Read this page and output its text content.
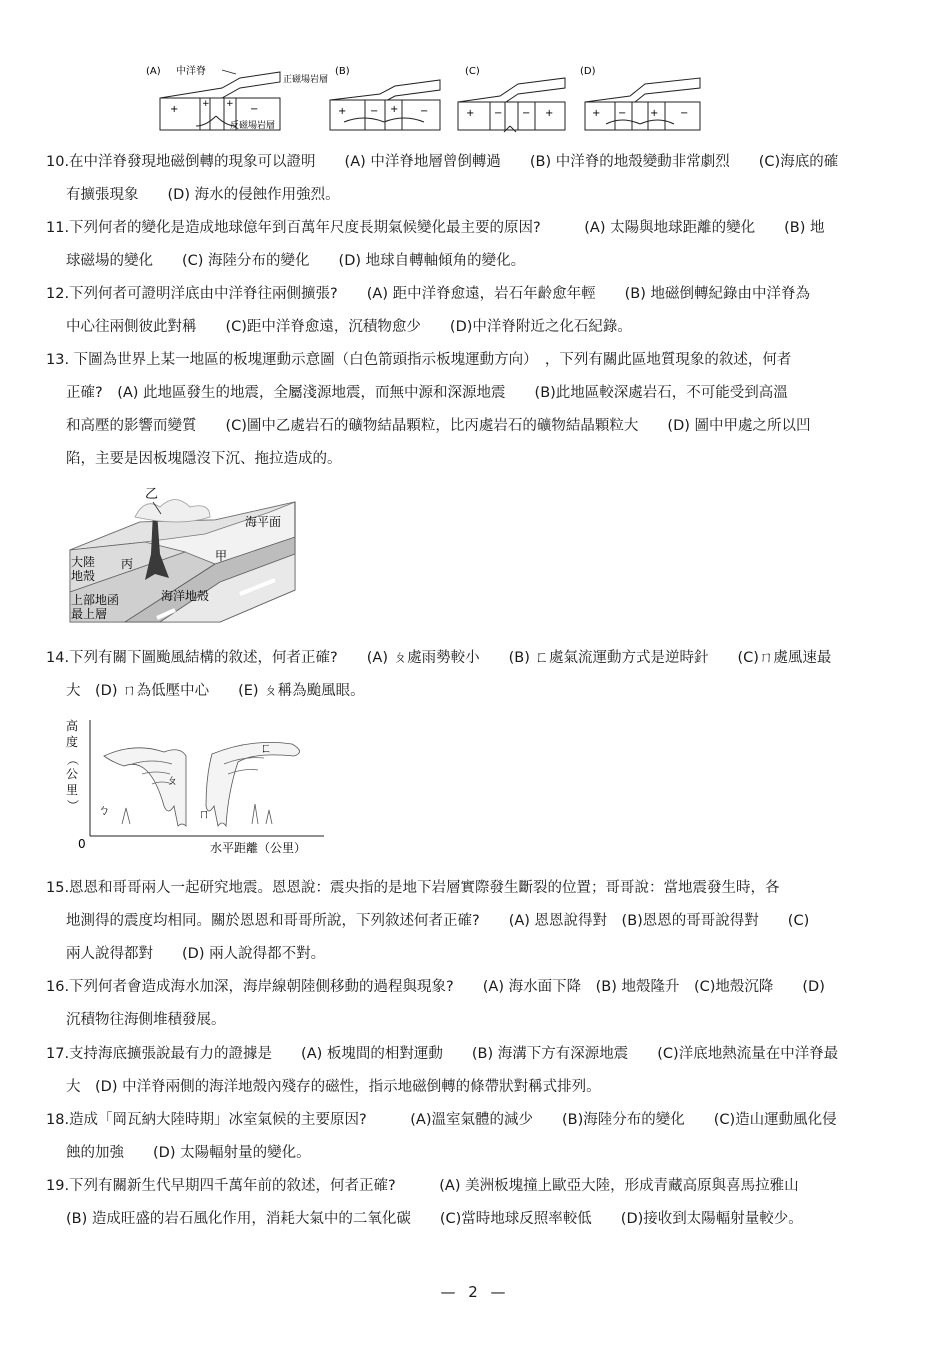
(A) 中洋脊
+	+ + −
正磁場岩層
反磁場岩層
(B)
+ − + −
(C)
+ − − +
(D)
+ − + −
10.在中洋脊發現地磁倒轉的現象可以證明　　(A) 中洋脊地層曾倒轉過　　(B) 中洋脊的地殼變動非常劇烈　　(C)海底的確
有擴張現象　　(D) 海水的侵蝕作用強烈。
11.下列何者的變化是造成地球億年到百萬年尺度長期氣候變化最主要的原因?　　　(A) 太陽與地球距離的變化　　(B) 地
球磁場的變化　　(C) 海陸分布的變化　　(D) 地球自轉軸傾角的變化。
12.下列何者可證明洋底由中洋脊往兩側擴張?　　(A) 距中洋脊愈遠，岩石年齡愈年輕　　(B) 地磁倒轉紀錄由中洋脊為
中心往兩側彼此對稱　　(C)距中洋脊愈遠，沉積物愈少　　(D)中洋脊附近之化石紀錄。
13. 下圖為世界上某一地區的板塊運動示意圖（白色箭頭指示板塊運動方向）　，下列有關此區地質現象的敘述，何者
正確?　(A) 此地區發生的地震，全屬淺源地震，而無中源和深源地震　　(B)此地區較深處岩石，不可能受到高溫
和高壓的影響而變質　　(C)圖中乙處岩石的礦物結晶顆粒，比丙處岩石的礦物結晶顆粒大　　(D) 圖中甲處之所以凹
陷，主要是因板塊隱沒下沉、拖拉造成的。
乙
海平面
甲
丙
大陸地殼
海洋地殼
上部地函最上層
14.下列有關下圖颱風結構的敘述，何者正確?　　(A) ㄆ處雨勢較小　　(B) ㄈ處氣流運動方式是逆時針　　(C)ㄇ處風速最
大　(D) ㄇ為低壓中心　　(E) ㄆ稱為颱風眼。
高
度
︵
公
里
︶
0	水平距離（公里）
ㄅ
ㄆ
ㄇ
ㄈ
15.恩恩和哥哥兩人一起研究地震。恩恩說：震央指的是地下岩層實際發生斷裂的位置；哥哥說：當地震發生時，各
地測得的震度均相同。關於恩恩和哥哥所說，下列敘述何者正確?　　(A) 恩恩說得對　(B)恩恩的哥哥說得對　　(C)
兩人說得都對　　(D) 兩人說得都不對。
16.下列何者會造成海水加深，海岸線朝陸側移動的過程與現象?　　(A) 海水面下降　(B) 地殼隆升　(C)地殼沉降　　(D)
沉積物往海側堆積發展。
17.支持海底擴張說最有力的證據是　　(A) 板塊間的相對運動　　(B) 海溝下方有深源地震　　(C)洋底地熱流量在中洋脊最
大　(D) 中洋脊兩側的海洋地殼內殘存的磁性，指示地磁倒轉的條帶狀對稱式排列。
18.造成「岡瓦納大陸時期」冰室氣候的主要原因?　　　(A)溫室氣體的減少　　(B)海陸分布的變化　　(C)造山運動風化侵
蝕的加強　　(D) 太陽輻射量的變化。
19.下列有關新生代早期四千萬年前的敘述，何者正確?　　　(A) 美洲板塊撞上歐亞大陸，形成青藏高原與喜馬拉雅山
(B) 造成旺盛的岩石風化作用，消耗大氣中的二氧化碳　　(C)當時地球反照率較低　　(D)接收到太陽輻射量較少。
— 2 —
